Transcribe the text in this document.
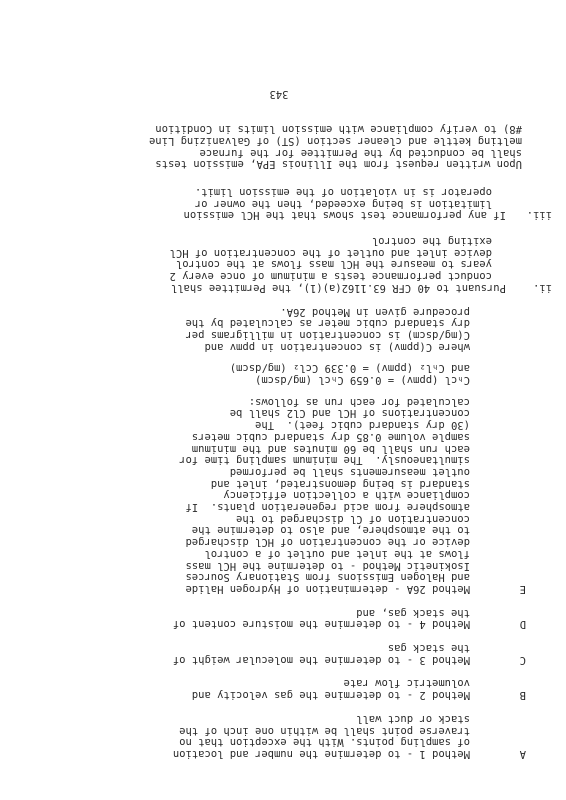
A
Method 1 - to determine the number and location
of sampling points. With the exception that no
traverse point shall be within one inch of the
stack or duct wall
B
Method 2 - to determine the gas velocity and
volumetric flow rate
C
Method 3 - to determine the molecular weight of
the stack gas
D
Method 4 - to determine the moisture content of
the stack gas, and
E
Method 26A - determination of Hydrogen Halide
and Halogen Emissions from Stationary Sources
Isokinetic Method - to determine the HCl mass
flows at the inlet and outlet of a control
device or the concentration of HCl discharged
to the atmosphere, and also to determine the
concentration of Cl discharged to the
atmosphere from acid regeneration plants.  If
compliance with a collection efficiency
standard is being demonstrated, inlet and
outlet measurements shall be performed
simultaneously.  The minimum sampling time for
each run shall be 60 minutes and the minimum
sample volume 0.85 dry standard cubic meters
(30 dry standard cubic feet).  The
concentrations of HCl and Cl2 shall be
calculated for each run as follows:
Cₕcl (ppmv) = 0.659 Cₕcl (mg/dscm)
and Cₕl₂ (ppmv) = 0.339 Ccl₂ (mg/dscm)
where C(ppmv) is concentration in ppmv and
C(mg/dscm) is concentration in milligrams per
dry standard cubic meter as calculated by the
procedure given in Method 26A.
ii.
Pursuant to 40 CFR 63.1162(a)(1), the Permittee shall
conduct performance tests a minimum of once every 2
years to measure the HCl mass flows at the control
device inlet and outlet of the concentration of HCl
exiting the control
iii.
If any performance test shows that the HCl emission
limitation is being exceeded, then the owner or
operator is in violation of the emission limit.
Upon written request from the Illinois EPA, emission tests
shall be conducted by the Permittee for the furnace
melting kettle and cleaner section (ST) of Galvanizing Line
#8) to verify compliance with emission limits in Condition
343
